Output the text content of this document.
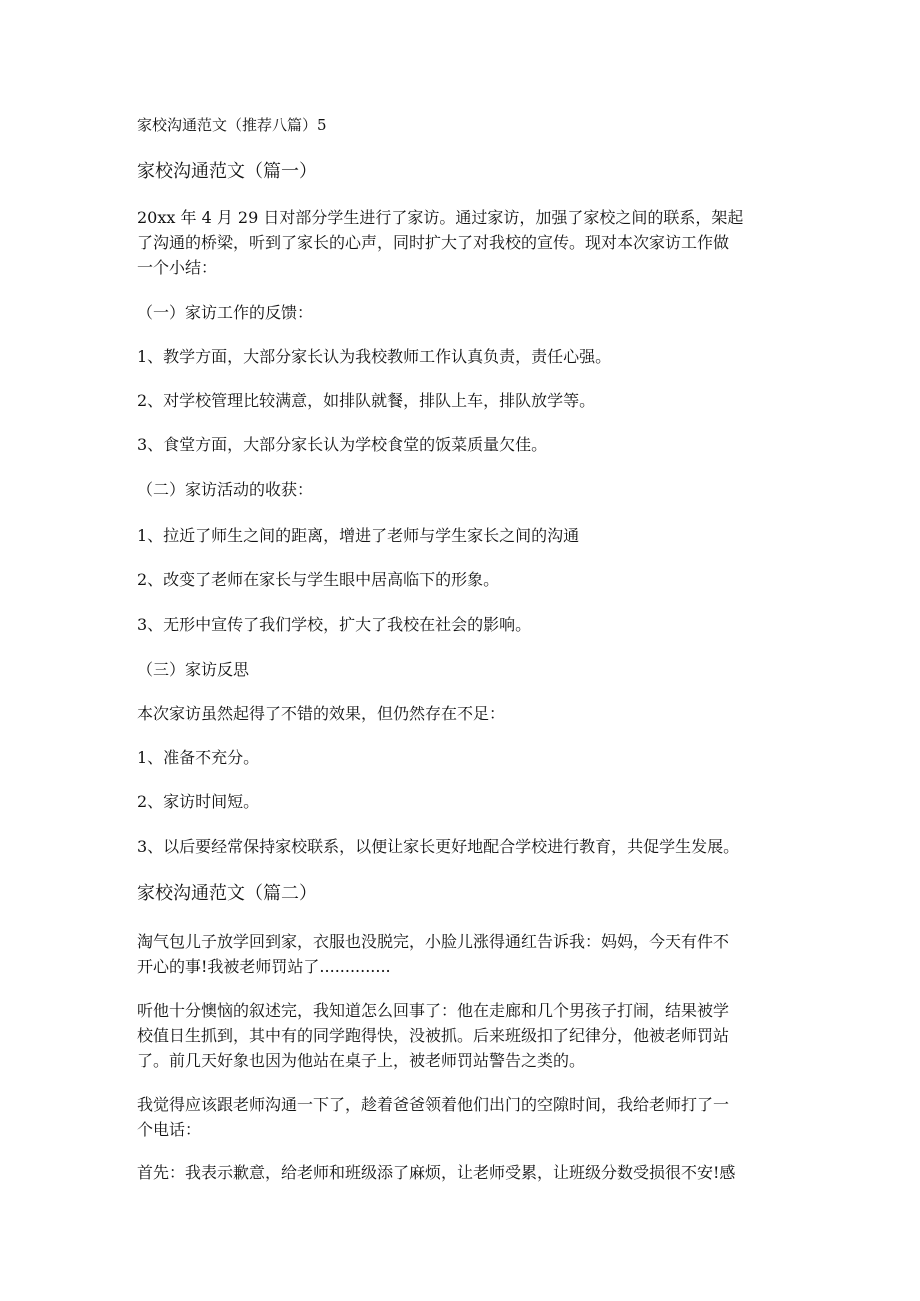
家校沟通范文（推荐八篇）5
家校沟通范文（篇一）
20xx 年 4 月 29 日对部分学生进行了家访。通过家访，加强了家校之间的联系，架起
了沟通的桥梁，听到了家长的心声，同时扩大了对我校的宣传。现对本次家访工作做
一个小结：
（一）家访工作的反馈：
1、教学方面，大部分家长认为我校教师工作认真负责，责任心强。
2、对学校管理比较满意，如排队就餐，排队上车，排队放学等。
3、食堂方面，大部分家长认为学校食堂的饭菜质量欠佳。
（二）家访活动的收获：
1、拉近了师生之间的距离，增进了老师与学生家长之间的沟通
2、改变了老师在家长与学生眼中居高临下的形象。
3、无形中宣传了我们学校，扩大了我校在社会的影响。
（三）家访反思
本次家访虽然起得了不错的效果，但仍然存在不足：
1、准备不充分。
2、家访时间短。
3、以后要经常保持家校联系，以便让家长更好地配合学校进行教育，共促学生发展。
家校沟通范文（篇二）
淘气包儿子放学回到家，衣服也没脱完，小脸儿涨得通红告诉我：妈妈，今天有件不
开心的事!我被老师罚站了..............
听他十分懊恼的叙述完，我知道怎么回事了：他在走廊和几个男孩子打闹，结果被学
校值日生抓到，其中有的同学跑得快，没被抓。后来班级扣了纪律分，他被老师罚站
了。前几天好象也因为他站在桌子上，被老师罚站警告之类的。
我觉得应该跟老师沟通一下了，趁着爸爸领着他们出门的空隙时间，我给老师打了一
个电话：
首先：我表示歉意，给老师和班级添了麻烦，让老师受累，让班级分数受损很不安!感
